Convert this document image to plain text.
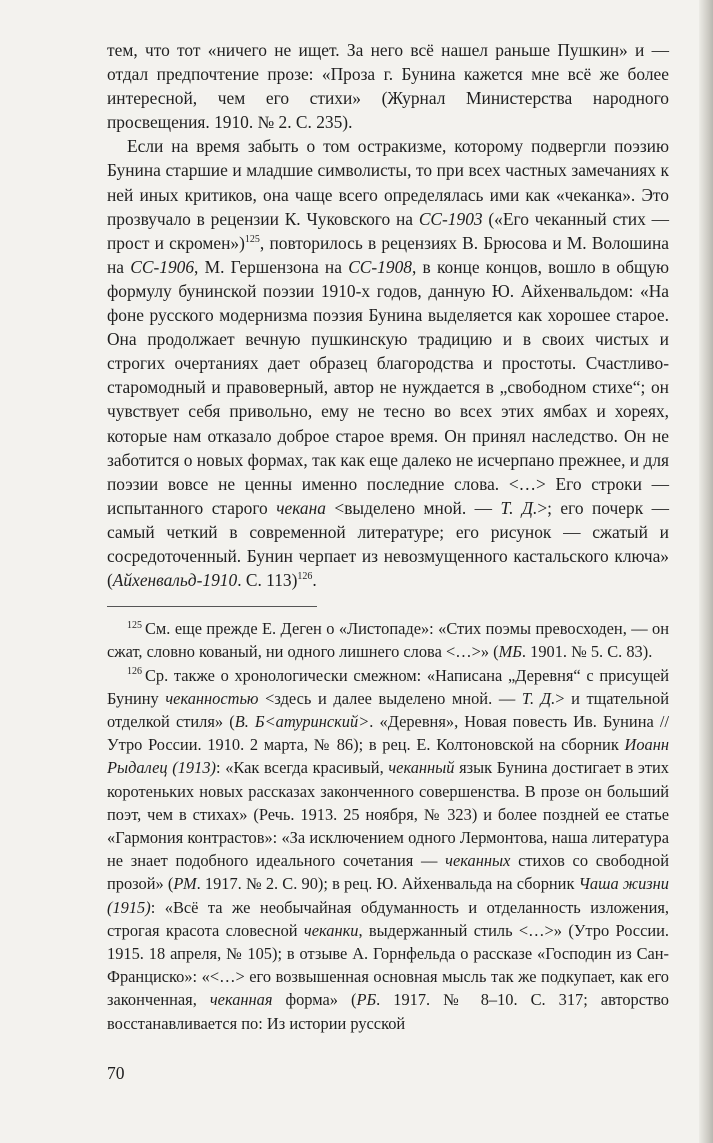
тем, что тот «ничего не ищет. За него всё нашел раньше Пушкин» и — отдал предпочтение прозе: «Проза г. Бунина кажется мне всё же более интересной, чем его стихи» (Журнал Министерства народного просвещения. 1910. № 2. С. 235).

Если на время забыть о том остракизме, которому подвергли поэзию Бунина старшие и младшие символисты, то при всех частных замечаниях к ней иных критиков, она чаще всего определялась ими как «чеканка». Это прозвучало в рецензии К. Чуковского на СС-1903 («Его чеканный стих — прост и скромен»)$^{125}$, повторилось в рецензиях В. Брюсова и М. Волошина на СС-1906, М. Гершензона на СС-1908, в конце концов, вошло в общую формулу бунинской поэзии 1910-х годов, данную Ю. Айхенвальдом: «На фоне русского модернизма поэзия Бунина выделяется как хорошее старое. Она продолжает вечную пушкинскую традицию и в своих чистых и строгих очертаниях дает образец благородства и простоты. Счастливо-старомодный и правоверный, автор не нуждается в „свободном стихе“; он чувствует себя привольно, ему не тесно во всех этих ямбах и хореях, которые нам отказало доброе старое время. Он принял наследство. Он не заботится о новых формах, так как еще далеко не исчерпано прежнее, и для поэзии вовсе не ценны именно последние слова. <…> Его строки — испытанного старого чекана <выделено мной. — Т. Д.>; его почерк — самый четкий в современной литературе; его рисунок — сжатый и сосредоточенный. Бунин черпает из невозмущенного кастальского ключа» (Айхенвальд-1910. С. 113)$^{126}$.

$^{125}$ См. еще прежде Е. Деген о «Листопаде»: «Стих поэмы превосходен, — он сжат, словно кованый, ни одного лишнего слова <…>» (МБ. 1901. № 5. С. 83).

$^{126}$ Ср. также о хронологически смежном: «Написана „Деревня“ с присущей Бунину чеканностью <здесь и далее выделено мной. — Т. Д.> и тщательной отделкой стиля» (В. Б<атуринский>. «Деревня», Новая повесть Ив. Бунина // Утро России. 1910. 2 марта, № 86); в рец. Е. Колтоновской на сборник Иоанн Рыдалец (1913): «Как всегда красивый, чеканный язык Бунина достигает в этих коротеньких новых рассказах законченного совершенства. В прозе он больший поэт, чем в стихах» (Речь. 1913. 25 ноября, № 323) и более поздней ее статье «Гармония контрастов»: «За исключением одного Лермонтова, наша литература не знает подобного идеального сочетания — чеканных стихов со свободной прозой» (РМ. 1917. № 2. С. 90); в рец. Ю. Айхенвальда на сборник Чаша жизни (1915): «Всё та же необычайная обдуманность и отделанность изложения, строгая красота словесной чеканки, выдержанный стиль <…>» (Утро России. 1915. 18 апреля, № 105); в отзыве А. Горнфельда о рассказе «Господин из Сан-Франциско»: «<…> его возвышенная основная мысль так же подкупает, как его законченная, чеканная форма» (РБ. 1917. № 8–10. С. 317; авторство восстанавливается по: Из истории русской

70
